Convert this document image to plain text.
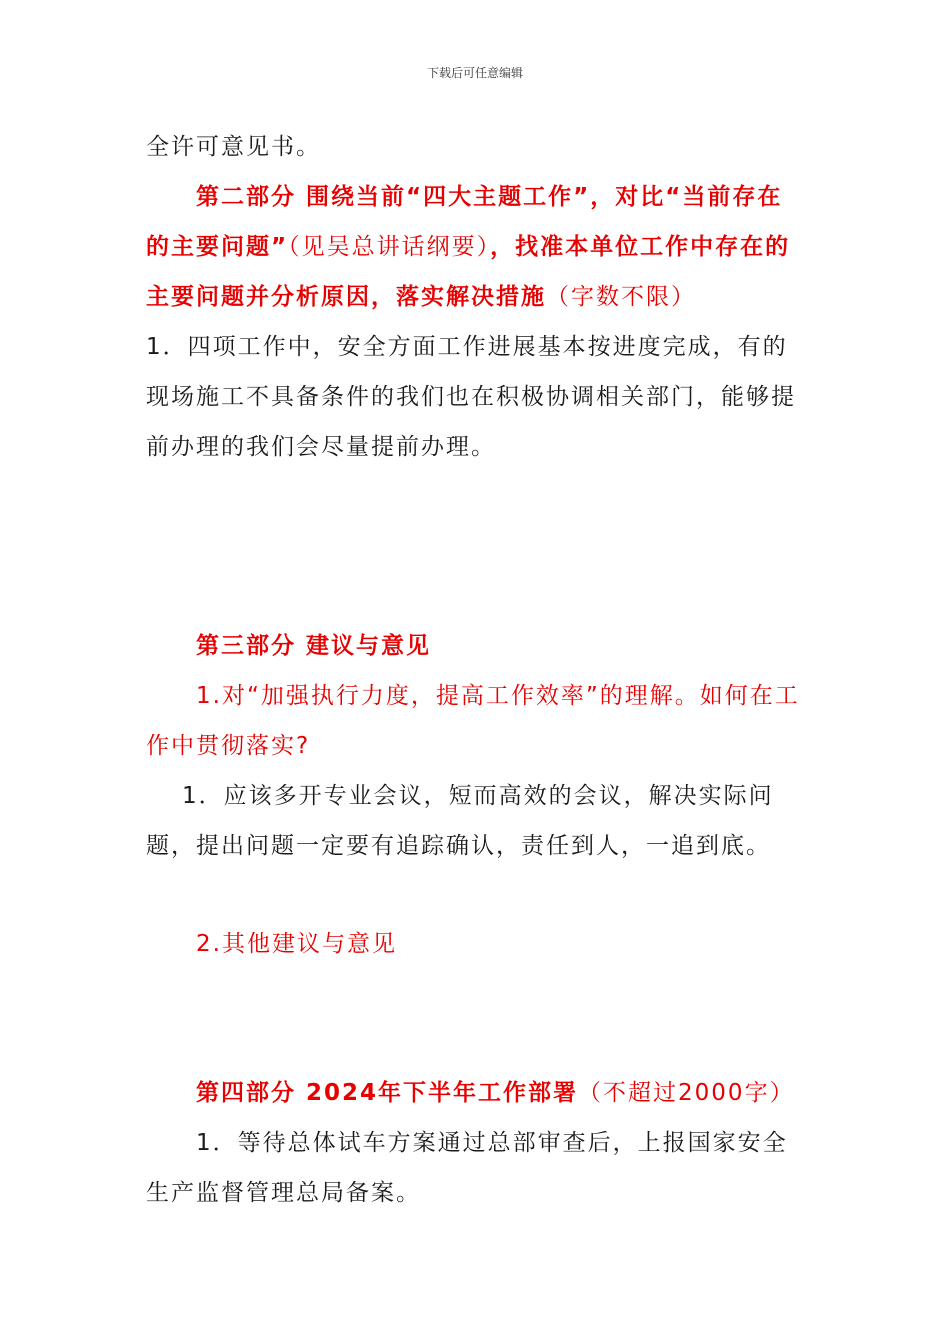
下载后可任意编辑

全许可意见书。

第二部分 围绕当前“四大主题工作”，对比“当前存在的主要问题”（见吴总讲话纲要），找准本单位工作中存在的主要问题并分析原因，落实解决措施（字数不限）

1．四项工作中，安全方面工作进展基本按进度完成，有的现场施工不具备条件的我们也在积极协调相关部门，能够提前办理的我们会尽量提前办理。

第三部分 建议与意见

1.对“加强执行力度，提高工作效率”的理解。如何在工作中贯彻落实?

1．应该多开专业会议，短而高效的会议，解决实际问题，提出问题一定要有追踪确认，责任到人，一追到底。

2.其他建议与意见

第四部分 2024年下半年工作部署（不超过2000字）

1．等待总体试车方案通过总部审查后，上报国家安全生产监督管理总局备案。
